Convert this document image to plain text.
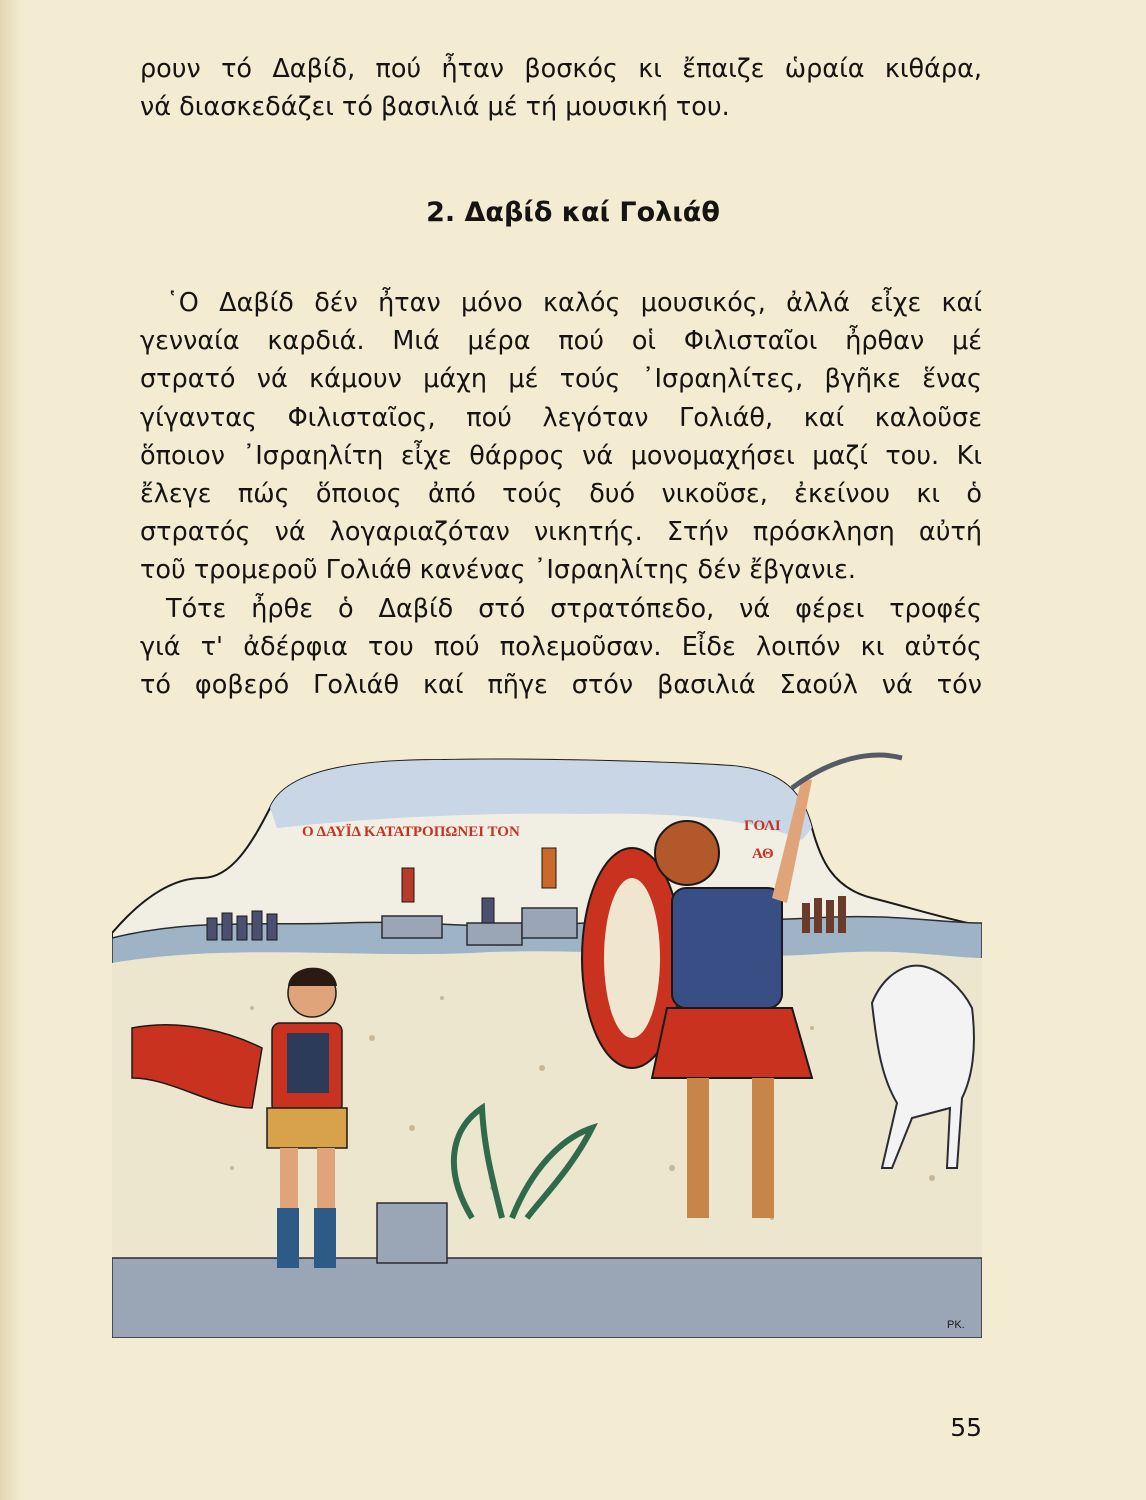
ρουν τό Δαβίδ, πού ἦταν βοσκός κι ἔπαιζε ὡραία κιθάρα,
νά διασκεδάζει τό βασιλιά μέ τή μουσική του.
2. Δαβίδ καί Γολιάθ

῾Ο Δαβίδ δέν ἦταν μόνο καλός μουσικός, ἀλλά εἶχε καί
γενναία καρδιά. Μιά μέρα πού οἱ Φιλισταῖοι ἦρθαν μέ
στρατό νά κάμουν μάχη μέ τούς ᾿Ισραηλίτες, βγῆκε ἕνας
γίγαντας Φιλισταῖος, πού λεγόταν Γολιάθ, καί καλοῦσε
ὅποιον ᾿Ισραηλίτη εἶχε θάρρος νά μονομαχήσει μαζί του. Κι
ἔλεγε πώς ὅποιος ἀπό τούς δυό νικοῦσε, ἐκείνου κι ὁ
στρατός νά λογαριαζόταν νικητής. Στήν πρόσκληση αὐτή
τοῦ τρομεροῦ Γολιάθ κανένας ᾿Ισραηλίτης δέν ἔβγανιε.

Τότε ἦρθε ὁ Δαβίδ στό στρατόπεδο, νά φέρει τροφές
γιά τ' ἀδέρφια του πού πολεμοῦσαν. Εἶδε λοιπόν κι αὐτός
τό φοβερό Γολιάθ καί πῆγε στόν βασιλιά Σαούλ νά τόν

Ο ΔΑΥΪΔ ΚΑΤΑΤΡΟΠΩΝΕΙ ΤΟΝ	ΓΟΛΙ
ΑΘ
ΡΚ.
55
